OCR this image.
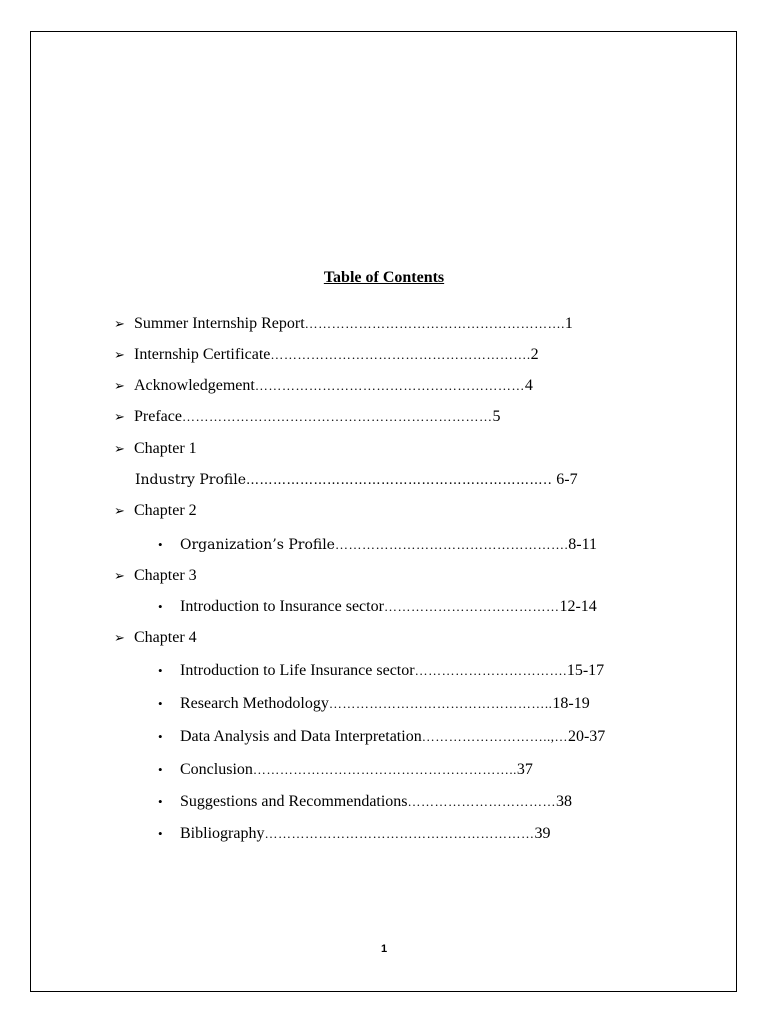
Table of Contents
➢ Summer Internship Report………………………………………………….1
➢ Internship Certificate………………………………………………….2
➢ Acknowledgement……………………………………………………4
➢ Preface……………………………………………………………5
➢ Chapter 1
Industry Profile………………………………………………………….. 6-7
➢ Chapter 2
• Organization’s Profile…………………………………………….8-11
➢ Chapter 3
• Introduction to Insurance sector…………………………………12-14
➢ Chapter 4
• Introduction to Life Insurance sector…………………………….15-17
• Research Methodology…………………………………………..18-19
• Data Analysis and Data Interpretation………………………..,…20-37
• Conclusion…………………………………………………..37
• Suggestions and Recommendations……………………………38
• Bibliography……………………………………………………39
1
